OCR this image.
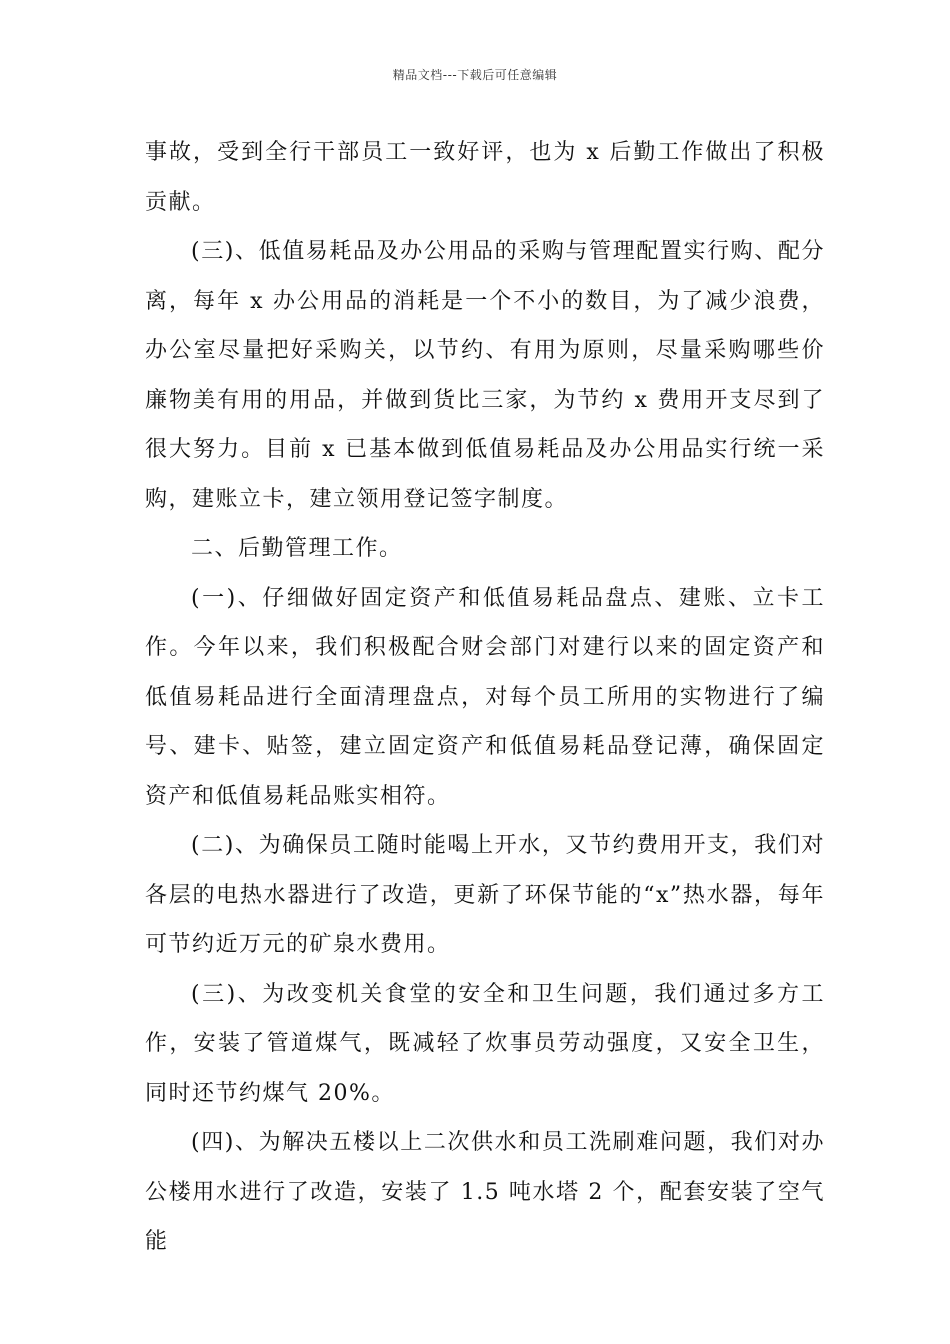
精品文档---下载后可任意编辑

事故，受到全行干部员工一致好评，也为 x 后勤工作做出了积极贡献。

(三)、低值易耗品及办公用品的采购与管理配置实行购、配分离，每年 x 办公用品的消耗是一个不小的数目，为了减少浪费，办公室尽量把好采购关，以节约、有用为原则，尽量采购哪些价廉物美有用的用品，并做到货比三家，为节约 x 费用开支尽到了很大努力。目前 x 已基本做到低值易耗品及办公用品实行统一采购，建账立卡，建立领用登记签字制度。

二、后勤管理工作。

(一)、仔细做好固定资产和低值易耗品盘点、建账、立卡工作。今年以来，我们积极配合财会部门对建行以来的固定资产和低值易耗品进行全面清理盘点，对每个员工所用的实物进行了编号、建卡、贴签，建立固定资产和低值易耗品登记薄，确保固定资产和低值易耗品账实相符。

(二)、为确保员工随时能喝上开水，又节约费用开支，我们对各层的电热水器进行了改造，更新了环保节能的“x”热水器，每年可节约近万元的矿泉水费用。

(三)、为改变机关食堂的安全和卫生问题，我们通过多方工作，安装了管道煤气，既减轻了炊事员劳动强度，又安全卫生，同时还节约煤气 20%。

(四)、为解决五楼以上二次供水和员工洗刷难问题，我们对办公楼用水进行了改造，安装了 1.5 吨水塔 2 个，配套安装了空气能
